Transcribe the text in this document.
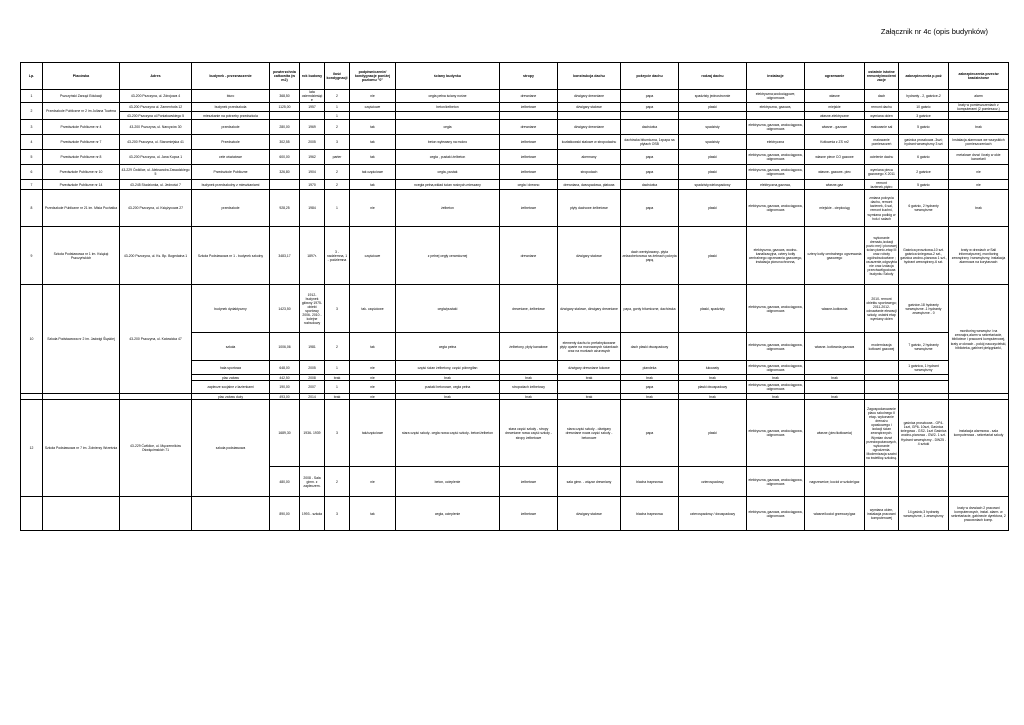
Załącznik nr 4c (opis budynków)
Lp.	Placówka	Adres	budynek - przeznaczenie	powierzchnia całkowita (w m2)	rok budowy	ilość kondygnacji	podpiwniczenie/ kondygnacje poniżej poziomu "0"	ściany budynku	stropy	konstrukcja dachu	pokrycie dachu	rodzaj dachu	instalacje	ogrzewanie	ostatnie istotne remonty/modernizacje	zabezpieczenia p.poż	zabezpieczenia przeciw kradzieżowe
1	Pszczyński Zarząd Edukacji	43-200 Pszczyna, ul. Zdrojowa 4	biuro	368,50	lata osiemdziesiąte	2	nie	cegła pełna ściany nośne	drewniane	dźwigary drewniane	papa	spadzisty jednostronnie	elektryczna,wodociągowe, odgromowa	własne	dach	hydranty - 2, gaśnice-2	alarm
2	Przedszkole Publiczne nr 2 im Juliana Tuwima	43-200 Pszczyna ul. Zamenhofa 12	budynek przedszkola	1125,00	1957	1	częściowe	beton/żelbeton	żelbetowe	dźwigary stalowe	papa	płaski	elektryczna, gazowa,	miejskie	remont dachu	10 gaśnic	kraty w pomieszczeniach z komputerami (2 pomieszcz.)
		43-200 Pszczyna ul.Poniatowskiego 5	mieszkanie na potrzeby przedszkola			1								własne-elektryczne	wymiana okien	3 gaśnice	
3	Przedszkole Publiczne nr 4	43-200 Pszczyna, ul. Narcyzów 30	przedszkole	280,00	1969	2	tak	cegła	drewniane	dźwigary drewniane	dachówka	spadzisty	elektryczna, gazowa, wodociągowa, odgromowa	własne - gazowe	malowanie sal	5 gaśnic	brak
4	Przedszkole Publiczne nr 7	43-200 Pszczyna, ul. Staromiejska 41	Przedszkole	302,55	2005	3	tak	beton wylewany na mokro	żelbetowe	kozłatkowski stalowe w stropodachu	dachówka bitumiczna, 1xpapa na płytach OSB	spadzisty	elektryczna	Kotłownia z ZS nr2	malowanie pomieszczeń	gaśnica proszkowa -3szt; hydrant wewnętrzny 3 szt	Instalacja alarmowa we wszystkich pomieszczeniach
5	Przedszkole Publiczne nr 8	43-200 Pszczyna, ul. Jana Kupca 1	cele oświatowe	600,00	1962	parter	tak	cegła , pustaki żelbeton	żelbetowe	akermany	papa	płaski	elektryczna, gazowa, wodociągowa, odgromowa	własne piece CO gazowe	ocielenie dachu	6 gaśnic	metalowe drzwi i kraty w okie kancelarii
6	Przedszkole Publiczne nr 10	43-229 Ćwiklice, ul. Aleksandra Zawadzkiego 5	Przedszkole Publiczne	326,80	1904	2	tak częściowe	cegła, pustak	żelbetowe	stropodach	papa	płaski	elektryczna, gazowa, wodociągowa, odgromowa	własne- gazowe- piec	wymiana pieca gazowego X 2011	2 gaśnice	nie
7	Przedszkole Publiczne nr 14	43-245 Studzionka, ul. Jedności 7	budynek przedszkolny z mieszkaniami		1970	2	tak	ncegła pełna,wkład ścian nośnych-mieszany	cegła i drewno	drewniana, dwuspadowa, płatowa	dachówka	spadzisty,wielospadowy	elektryczna,gazowa,	własne-gaz	remont łazienek,piętro	5 gaśnic	nie
8	Przedszkole Publiczne nr 21 im. Misia Puchatka	43-200 Pszczyna, ul. Księżycowa 27	przedszkole	928,25	1984	1	nie	żelbeton	żelbetowe	płyty dachowe żelbetowe	papa	płaski	elektryczna, gazowa, wodociągowa, odgromowa	miejskie - ciepłociąg	zmiana pokrycia dachu, remont łazienek, 6 sal, remont kuchni, wymiana podłóg w holu i salach	6 gaśnic, 2 hydranty wewnętrzne	brak
9	Szkoła Podstawowa nr 1 im. Książąt Pszczyńskich	43-200 Pszczyna, ul. Ks. Bp. Bogedaina 1	Szkoła Podstawowa nr 1 - budynek szkolny	3483,17	1897r.	3 - nadziemna, 1 - podziemna	częściowe	z pełnej cegły ceramicznej	drewniane	dźwigary stalowe	dach wentylowany- płyta zelazobetonowa na żebrach pokryta papą	płaski	elektryczna, gazowa, wodno-kanalizacyjna, cztery kotły centralnego ogrzewania gazowego, instalacja piorunochronna,	cztery kotły centralnego ogrzewania gazowego	wykonanie drenażu,izolacji pozio mej i pionowej ścian piwnic-etap III oraz roboty ogólnobudowlane ; osuszenie,odgrzybia nie oraz izolacja przeciwwilgociowa budynku Szkoły	Gaśnica proszkowa-10 szt. gaśnica śniegowa-2 szt., gaśnica wodno-pianowa 1 szt., hydrant wewnętrzny-6 szt.	kraty w drzwiach w Sali informatycznej, monitoring zewnętrzny i wewnętrzny, instalacja alarmowa na korytarzach
10	Szkoła Podstawowa nr 2 im. Jadwigi Śląskiej	43-200 Pszczyna, ul. Katowicka 47	budynek dydaktyczny	1423,50	1912- budynek główny 1975- obiekt sportowy 2006- 2010 - kolejne rozbudowy	3	tak- częściowe	cegła/pustaki	drewniane, żelbetowe	dźwigary stalowe, dźwigary drewniane	papa, gonty bitumiczne, dachówka	płaski, spadzisty	elektryczna, gazowa, wodociągowa, odgromowa	własne-kotłownia	2010- remont obiektu sportowego; 2011-2012-odnawianie elewacji szkoły, ostatni etap wymiany okien	gaśnice-18 hydranty wewnętrzne -1 hydranty zewnętrzne - 0	monitoring wewnętrz i na zewnątrz,alarm w sekretariacie, bibliotece i pracowni komputerowej, kraty w oknach - pokój nauczycielski, biblioteka, gabinet pielęgniarki,
			szkoła	1006,06	1981	2	tak	cegła pełna	żelbetony, płyty kanałowe	elementy dachu to prefabrykowane płyty oparte na murowanych ściankach oraz na murkach ażurowych	dach płaski dwuspadowy		elektryczna, gazowa, wodociągowa, odgromowa	własne- kotłownia gazowa	modernizacja kotłowni gazowej	7 gaśnic, 2 hydranty wewnętrzne	
			hala sportowa	648,00	2005	1	nie	część ścian żelbetony, część pólnegifan		dźwigary drewniane łukowe	plandeka	łukowaty	elektryczna, gazowa, wodociągowa, odgromowa			1 gaśnica, 1 hydrant wewnętrzny	
			plac zabaw	442,50	2008	brak	nie	brak	brak	brak	brak	brak	brak	brak			
			zaplecze socjalne z łazienkami	190,00	2007	1	nie	pustaki betonowe, cegła pełna	stropodach żelbetowy		papa	płaski dwuspadowy	elektryczna, gazowa, wodociągowa, odgromowa				
			plac zabaw duży	493,00	2014	brak	nie	brak	brak	brak	brak	brak	brak	brak			
12	Szkoła Podstawowa nr 7 im. Żołnierzy Września	43-229 Ćwiklice, ul. Męczenników Oświęcimskich 71	szkoła podstawowa	1689,30	1936- 1939	3	tak/częściowe	stara część szkoły- cegła nowa część szkoły- beton/żelbeton	stara część szkoły - stropy drewniane nowa część szkoły - stropy żelbetowe	stara część szkoły - dźwigary drewniane nowa część szkoły - betonowe	papa	płaski	elektryczna, gazowa, wodociągowa, odgromowa	własne (piec/kotłownia)	Zagospodarowanie placu szkolnego II etap- wykonanie drenażu opaskowego i izolacji ścian zewnętrznych. Wymian drzwi przeciwpożarowych, wykonanie ogrodzenia. Modernizacja szatni na świetlicę szkolną.	gaśnica proszkowa - GP4- 1szt, GP6- 10szt, Gaśnica śniegowa - GS2- 1szt Gaśnica wodno-pianowa - GW2- 1 szt. Hydrant wewnętrzny - DW25 - 4 sztuki	instalacja alarmowa - sala komputerowa - sekretariat szkoły
				480,00	2008 - Sala gimn. z zapleczem.	2	nie	beton, ocieplenie	żelbetowe	sala gimn. - wiązar drewniany	blacha trapezowa	czterospadowy	elektryczna, gazowa, wodociągowa, odgromowa	nagrzewnice; kocioł w szkole/gaz			
				890,00	1993 - szkoła	3	tak	cegła, ocieplenie	żelbetowe	dźwigary stalowe	blacha trapezowa	czterospadowy / dwuspadowy	elektryczna, gazowa, wodociągowa, odgromowa	własne/kocioł grzewczy/gaz	wymiana okien, instalacja pracowni komputerowej	14 gaśnic,3 hydranty wewnętrzne, 1 zewnętrzny	kraty w drzwiach 2 pracowni komputerowych, instal. alarm. w sekretariacie, gabinecie dyrektora, 2 pracowniach komp.
